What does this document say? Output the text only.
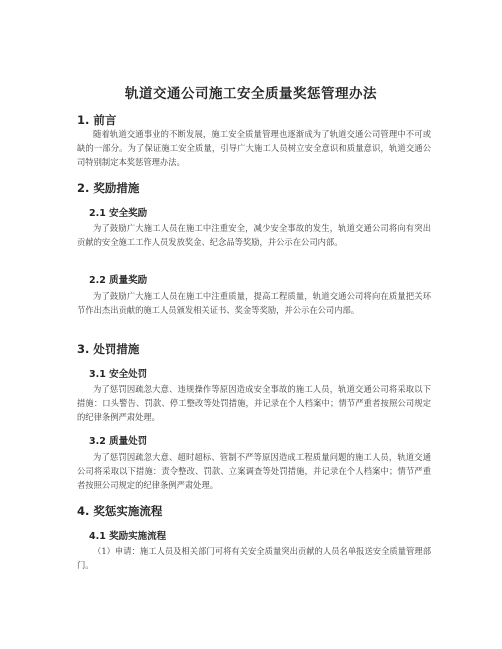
轨道交通公司施工安全质量奖惩管理办法
1. 前言
随着轨道交通事业的不断发展，施工安全质量管理也逐渐成为了轨道交通公司管理中不可或缺的一部分。为了保证施工安全质量，引导广大施工人员树立安全意识和质量意识，轨道交通公司特别制定本奖惩管理办法。
2. 奖励措施
2.1 安全奖励
为了鼓励广大施工人员在施工中注重安全，减少安全事故的发生，轨道交通公司将向有突出贡献的安全施工工作人员发放奖金、纪念品等奖励，并公示在公司内部。
2.2 质量奖励
为了鼓励广大施工人员在施工中注重质量，提高工程质量，轨道交通公司将向在质量把关环节作出杰出贡献的施工人员颁发相关证书、奖金等奖励，并公示在公司内部。
3. 处罚措施
3.1 安全处罚
为了惩罚因疏忽大意、违规操作等原因造成安全事故的施工人员，轨道交通公司将采取以下措施：口头警告、罚款、停工整改等处罚措施，并记录在个人档案中；情节严重者按照公司规定的纪律条例严肃处理。
3.2 质量处罚
为了惩罚因疏忽大意、超时超标、管制不严等原因造成工程质量问题的施工人员，轨道交通公司将采取以下措施：责令整改、罚款、立案调查等处罚措施，并记录在个人档案中；情节严重者按照公司规定的纪律条例严肃处理。
4. 奖惩实施流程
4.1 奖励实施流程
（1）申请：施工人员及相关部门可将有关安全质量突出贡献的人员名单报送安全质量管理部门。
